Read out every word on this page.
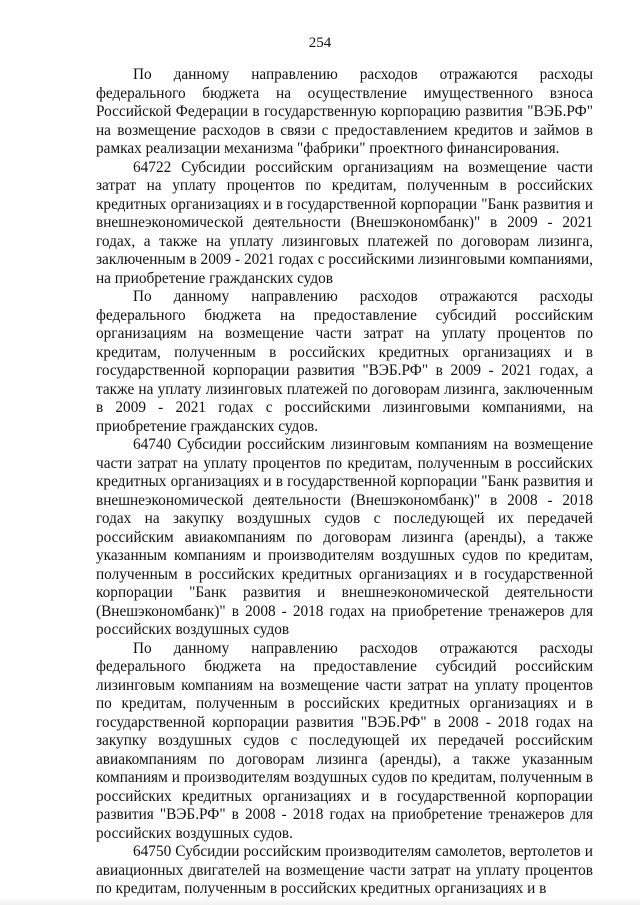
254

По данному направлению расходов отражаются расходы федерального бюджета на осуществление имущественного взноса Российской Федерации в государственную корпорацию развития "ВЭБ.РФ" на возмещение расходов в связи с предоставлением кредитов и займов в рамках реализации механизма "фабрики" проектного финансирования.

64722 Субсидии российским организациям на возмещение части затрат на уплату процентов по кредитам, полученным в российских кредитных организациях и в государственной корпорации "Банк развития и внешнеэкономической деятельности (Внешэкономбанк)" в 2009 - 2021 годах, а также на уплату лизинговых платежей по договорам лизинга, заключенным в 2009 - 2021 годах с российскими лизинговыми компаниями, на приобретение гражданских судов

По данному направлению расходов отражаются расходы федерального бюджета на предоставление субсидий российским организациям на возмещение части затрат на уплату процентов по кредитам, полученным в российских кредитных организациях и в государственной корпорации развития "ВЭБ.РФ" в 2009 - 2021 годах, а также на уплату лизинговых платежей по договорам лизинга, заключенным в 2009 - 2021 годах с российскими лизинговыми компаниями, на приобретение гражданских судов.

64740 Субсидии российским лизинговым компаниям на возмещение части затрат на уплату процентов по кредитам, полученным в российских кредитных организациях и в государственной корпорации "Банк развития и внешнеэкономической деятельности (Внешэкономбанк)" в 2008 - 2018 годах на закупку воздушных судов с последующей их передачей российским авиакомпаниям по договорам лизинга (аренды), а также указанным компаниям и производителям воздушных судов по кредитам, полученным в российских кредитных организациях и в государственной корпорации "Банк развития и внешнеэкономической деятельности (Внешэкономбанк)" в 2008 - 2018 годах на приобретение тренажеров для российских воздушных судов

По данному направлению расходов отражаются расходы федерального бюджета на предоставление субсидий российским лизинговым компаниям на возмещение части затрат на уплату процентов по кредитам, полученным в российских кредитных организациях и в государственной корпорации развития "ВЭБ.РФ" в 2008 - 2018 годах на закупку воздушных судов с последующей их передачей российским авиакомпаниям по договорам лизинга (аренды), а также указанным компаниям и производителям воздушных судов по кредитам, полученным в российских кредитных организациях и в государственной корпорации развития "ВЭБ.РФ" в 2008 - 2018 годах на приобретение тренажеров для российских воздушных судов.

64750 Субсидии российским производителям самолетов, вертолетов и авиационных двигателей на возмещение части затрат на уплату процентов по кредитам, полученным в российских кредитных организациях и в
